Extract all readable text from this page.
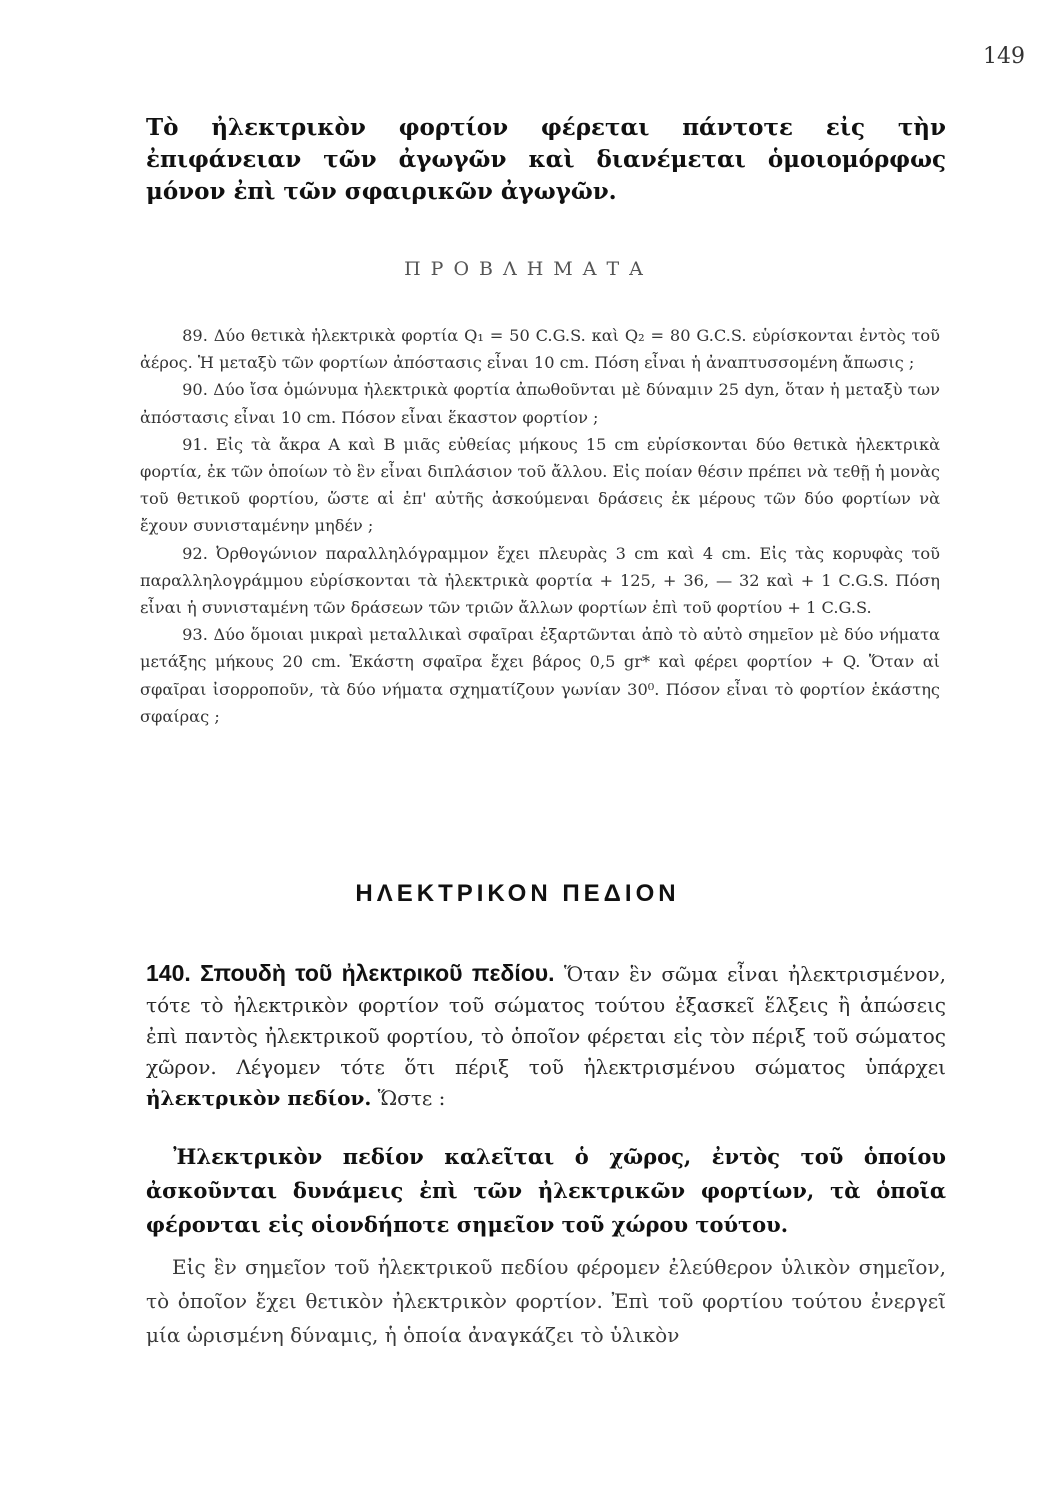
149
Τὸ ἠλεκτρικὸν φορτίον φέρεται πάντοτε εἰς τὴν ἐπιφάνειαν τῶν ἀγωγῶν καὶ διανέμεται ὁμοιομόρφως μόνον ἐπὶ τῶν σφαιρικῶν ἀγωγῶν.
ΠΡΟΒΛΗΜΑΤΑ

89. Δύο θετικὰ ἠλεκτρικὰ φορτία Q₁ = 50 C.G.S. καὶ Q₂ = 80 G.C.S. εὑρίσκονται ἐντὸς τοῦ ἀέρος. Ἡ μεταξὺ τῶν φορτίων ἀπόστασις εἶναι 10 cm. Πόση εἶναι ἡ ἀναπτυσσομένη ἄπωσις ;

90. Δύο ἴσα ὁμώνυμα ἠλεκτρικὰ φορτία ἀπωθοῦνται μὲ δύναμιν 25 dyn, ὅταν ἡ μεταξὺ των ἀπόστασις εἶναι 10 cm. Πόσον εἶναι ἕκαστον φορτίον ;

91. Εἰς τὰ ἄκρα Α καὶ Β μιᾶς εὐθείας μήκους 15 cm εὑρίσκονται δύο θετικὰ ἠλεκτρικὰ φορτία, ἐκ τῶν ὁποίων τὸ ἓν εἶναι διπλάσιον τοῦ ἄλλου. Εἰς ποίαν θέσιν πρέπει νὰ τεθῇ ἡ μονὰς τοῦ θετικοῦ φορτίου, ὥστε αἱ ἐπ' αὐτῆς ἀσκούμεναι δράσεις ἐκ μέρους τῶν δύο φορτίων νὰ ἔχουν συνισταμένην μηδέν ;

92. Ὀρθογώνιον παραλληλόγραμμον ἔχει πλευρὰς 3 cm καὶ 4 cm. Εἰς τὰς κορυφὰς τοῦ παραλληλογράμμου εὑρίσκονται τὰ ἠλεκτρικὰ φορτία + 125, + 36, — 32 καὶ + 1 C.G.S. Πόση εἶναι ἡ συνισταμένη τῶν δράσεων τῶν τριῶν ἄλλων φορτίων ἐπὶ τοῦ φορτίου + 1 C.G.S.

93. Δύο ὅμοιαι μικραὶ μεταλλικαὶ σφαῖραι ἐξαρτῶνται ἀπὸ τὸ αὐτὸ σημεῖον μὲ δύο νήματα μετάξης μήκους 20 cm. Ἑκάστη σφαῖρα ἔχει βάρος 0,5 gr* καὶ φέρει φορτίον + Q. Ὅταν αἱ σφαῖραι ἰσορροποῦν, τὰ δύο νήματα σχηματίζουν γωνίαν 30⁰. Πόσον εἶναι τὸ φορτίον ἑκάστης σφαίρας ;

ΗΛΕΚΤΡΙΚΟΝ ΠΕΔΙΟΝ

140. Σπουδὴ τοῦ ἠλεκτρικοῦ πεδίου. Ὅταν ἓν σῶμα εἶναι ἠλεκτρισμένον, τότε τὸ ἠλεκτρικὸν φορτίον τοῦ σώματος τούτου ἐξασκεῖ ἕλξεις ἢ ἀπώσεις ἐπὶ παντὸς ἠλεκτρικοῦ φορτίου, τὸ ὁποῖον φέρεται εἰς τὸν πέριξ τοῦ σώματος χῶρον. Λέγομεν τότε ὅτι πέριξ τοῦ ἠλεκτρισμένου σώματος ὑπάρχει ἠλεκτρικὸν πεδίον. Ὥστε :

Ἠλεκτρικὸν πεδίον καλεῖται ὁ χῶρος, ἐντὸς τοῦ ὁποίου ἀσκοῦνται δυνάμεις ἐπὶ τῶν ἠλεκτρικῶν φορτίων, τὰ ὁποῖα φέρονται εἰς οἱονδήποτε σημεῖον τοῦ χώρου τούτου.
Εἰς ἓν σημεῖον τοῦ ἠλεκτρικοῦ πεδίου φέρομεν ἐλεύθερον ὑλικὸν σημεῖον, τὸ ὁποῖον ἔχει θετικὸν ἠλεκτρικὸν φορτίον. Ἐπὶ τοῦ φορτίου τούτου ἐνεργεῖ μία ὡρισμένη δύναμις, ἡ ὁποία ἀναγκάζει τὸ ὑλικὸν
